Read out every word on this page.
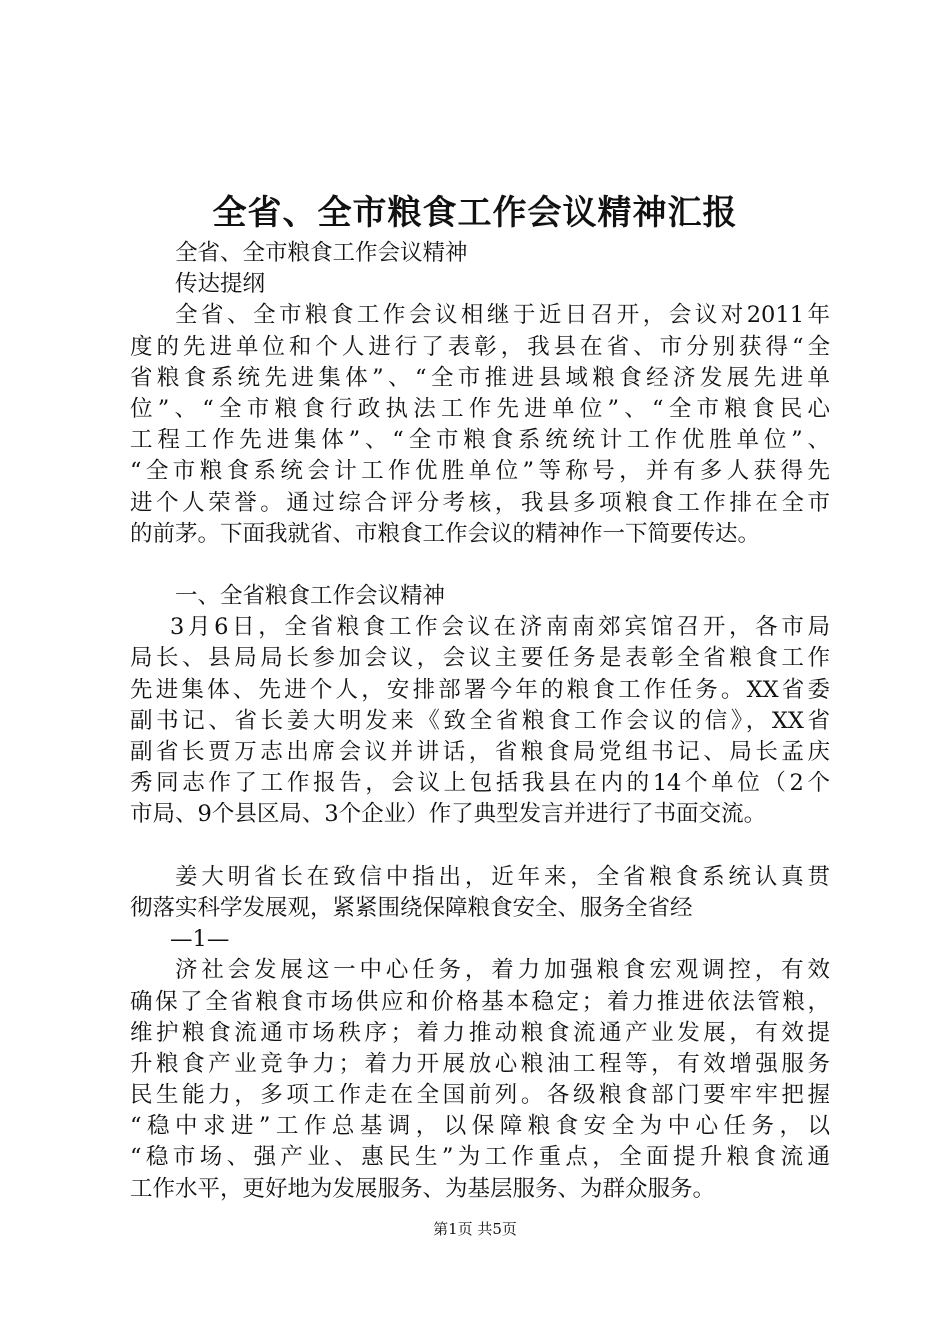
全省、全市粮食工作会议精神汇报
全省、全市粮食工作会议精神
传达提纲
全省、全市粮食工作会议相继于近日召开，会议对2011年
度的先进单位和个人进行了表彰，我县在省、市分别获得“全
省粮食系统先进集体”、“全市推进县域粮食经济发展先进单
位”、“全市粮食行政执法工作先进单位”、“全市粮食民心
工程工作先进集体”、“全市粮食系统统计工作优胜单位”、
“全市粮食系统会计工作优胜单位”等称号，并有多人获得先
进个人荣誉。通过综合评分考核，我县多项粮食工作排在全市
的前茅。下面我就省、市粮食工作会议的精神作一下简要传达。
一、全省粮食工作会议精神
3月6日，全省粮食工作会议在济南南郊宾馆召开，各市局
局长、县局局长参加会议，会议主要任务是表彰全省粮食工作
先进集体、先进个人，安排部署今年的粮食工作任务。XX省委
副书记、省长姜大明发来《致全省粮食工作会议的信》，XX省
副省长贾万志出席会议并讲话，省粮食局党组书记、局长孟庆
秀同志作了工作报告，会议上包括我县在内的14个单位（2个
市局、9个县区局、3个企业）作了典型发言并进行了书面交流。
姜大明省长在致信中指出，近年来，全省粮食系统认真贯
彻落实科学发展观，紧紧围绕保障粮食安全、服务全省经
—1—
济社会发展这一中心任务，着力加强粮食宏观调控，有效
确保了全省粮食市场供应和价格基本稳定；着力推进依法管粮，
维护粮食流通市场秩序；着力推动粮食流通产业发展，有效提
升粮食产业竞争力；着力开展放心粮油工程等，有效增强服务
民生能力，多项工作走在全国前列。各级粮食部门要牢牢把握
“稳中求进”工作总基调，以保障粮食安全为中心任务，以
“稳市场、强产业、惠民生”为工作重点，全面提升粮食流通
工作水平，更好地为发展服务、为基层服务、为群众服务。
第1页 共5页
